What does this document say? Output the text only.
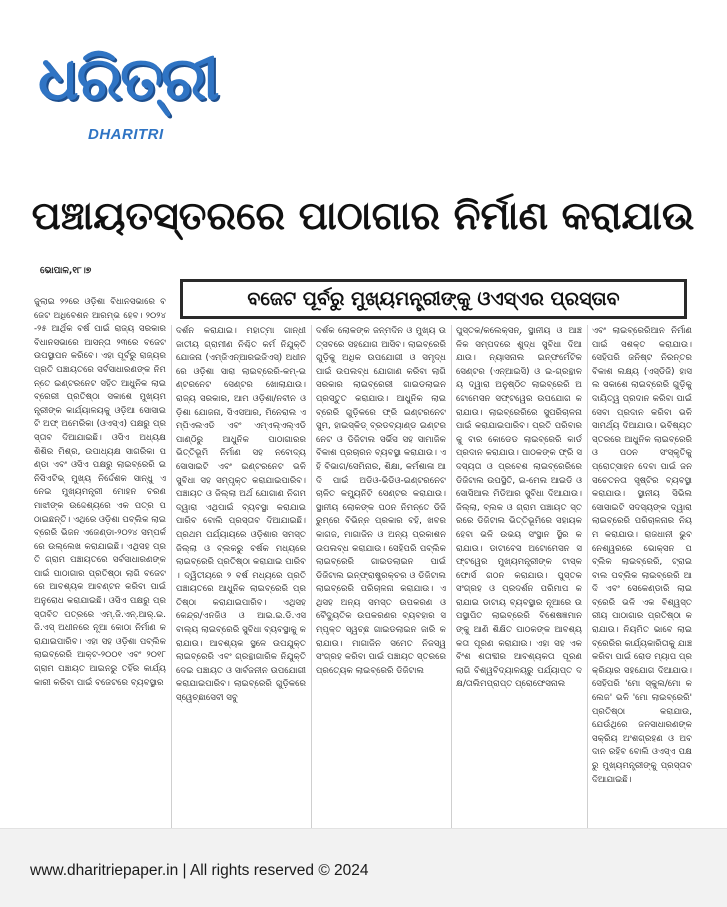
ଧରିତ୍ରୀ
DHARITRI
ପଞ୍ଚାୟତସ୍ତରରେ ପାଠାଗାର ନିର୍ମାଣ କରାଯାଉ
ଭୋପାଳ,୧୮।୭
ବଜେଟ ପୂର୍ବରୁ ମୁଖ୍ୟମନ୍ତ୍ରୀଙ୍କୁ ଓଏସ୍‌ଏର ପ୍ରସ୍ତାବ
ଜୁଲାଇ ୨୨ରେ ଓଡ଼ିଶା ବିଧାନସଭାରେ ବଜେଟ ଅଧିବେଶନ ଆରମ୍ଭ ହେବ। ୨୦୨୪-୨୫ ଆର୍ଥିକ ବର୍ଷ ପାଇଁ ରାଜ୍ୟ ସରକାର ବିଧାନସଭାରେ ଆସନ୍ତା ୨୩ରେ ବଜେଟ ଉପସ୍ଥାପନ କରିବେ। ଏହା ପୂର୍ବରୁ ରାଜ୍ୟର ପ୍ରତି ପଞ୍ଚାୟତରେ ସର୍ବସାଧାରଣଙ୍କ ନିମନ୍ତେ ଇଣ୍ଟରନେଟ ସହିତ ଆଧୁନିକ ଲାଇବ୍ରେରୀ ପ୍ରତିଷ୍ଠା ସକାଶେ ମୁଖ୍ୟମନ୍ତ୍ରୀଙ୍କ କାର୍ଯ୍ୟାଳୟକୁ ଓଡ଼ିଆ ସୋସାଇଟି ଅଫ୍ ଅମେରିକା (ଓଏସ୍‌ଏ) ପକ୍ଷରୁ ପ୍ରସ୍ତାବ ଦିଆଯାଇଛି। ଓସିଏ ଅଧ୍ୟକ୍ଷ ଶିଶିର ମିଶ୍ର, ଉପାଧ୍ୟକ୍ଷ ସାଗରିକା ପଣ୍ଡା ଏବଂ ଓସିଏ ପକ୍ଷରୁ ଲାଇବ୍ରେରି ଇନିସିଏଟିଭ୍ ମୁଖ୍ୟ ନିର୍ଦ୍ଦେଶକ ସାନ୍ଧୁ ଏନେଇ ମୁଖ୍ୟମନ୍ତ୍ରୀ ମୋହନ ଚରଣ ମାଝୀଙ୍କ ଉଦ୍ଦେଶ୍ୟରେ ଏକ ପତ୍ର ପଠାଇଛନ୍ତି। ଏଥିରେ ଓଡ଼ିଶା ପବ୍ଲିକ ଲାଇବ୍ରେରି ଭିଜନ ଏଜେଣ୍ଡା-୨୦୨୪ ସମ୍ପର୍କରେ ଉଲ୍ଲେଖ କରାଯାଇଛି। ଏଥିସହ ପ୍ରତି ଗ୍ରାମ ପଞ୍ଚାୟତରେ ସର୍ବସାଧାରଣଙ୍କ ପାଇଁ ପାଠାଗାର ପ୍ରତିଷ୍ଠା ଲାଗି ବଜେଟରେ ଆବଶ୍ୟକ ଆବଣ୍ଟନ କରିବା ପାଇଁ ଅନୁରୋଧ କରାଯାଇଛି। ଓସିଏ ପକ୍ଷରୁ ପ୍ରସ୍ତାବିତ ପତ୍ରରେ ଏମ୍.ଜି.ଏନ୍.ଆର୍.ଇ.ଜି.ଏସ୍ ଅଧୀନରେ ନୂଆ କୋଠା ନିର୍ମାଣ କରାଯାଇପାରିବ। ଏହା ସହ ଓଡ଼ିଶା ପବ୍ଲିକ ଲାଇବ୍ରେରି ଆକ୍ଟ-୨୦୦୧ ଏବଂ ୨୦୧୮ ଗ୍ରାମ ପଞ୍ଚାୟତ ଆଇନରୁ ତହିଁର କାର୍ଯ୍ୟକାରୀ କରିବା ପାଇଁ ବଜେଟରେ ବ୍ୟବସ୍ଥାର
ଦର୍ଶନ କରାଯାଇ। ମହାତ୍ମା ଗାନ୍ଧୀ ଜାତୀୟ ଗ୍ରାମୀଣ ନିଶ୍ଚିତ କର୍ମ ନିଯୁକ୍ତି ଯୋଜନା (ଏମ୍‌ଜିଏନ୍‌ଆରଇଜିଏସ୍) ଅଧୀନରେ ଓଡ଼ିଶା ସାରା ଲାଇବ୍ରେରି-କମ୍-ଇଣ୍ଟରନେଟ ସେଣ୍ଟର ଖୋଲାଯାଉ। ରାଜ୍ୟ ସରକାର, ଆମ ଓଡ଼ିଶା/ନବୀନ ଓଡ଼ିଶା ଯୋଜନା, ସିଏସଆର, ମିନେରାଲ ଏମ୍‌ପିଏଲଏଡି ଏବଂ ଏମ୍‌ଏଲ୍‌ଏଲ୍‌ଏଡି ପାଣ୍ଠିରୁ ଆଧୁନିକ ପାଠାଗାରର ଭିତ୍ତିଭୂମି ନିର୍ମାଣ ସହ ନବୋଦ୍ୟ ସୋସାଇଟି ଏବଂ ଇଣ୍ଟରନେଟ ଭଳି ସୁବିଧା ସହ ସମ୍ପୃକ୍ତ କରାଯାଇପାରିବ। ପଞ୍ଚାୟତ ଓ ଜିଲ୍ଲା ଅର୍ଥ ଯୋଗାଣ ନିଗମ ଦ୍ୱାରା ଏଥିପାଇଁ ବ୍ୟବସ୍ଥା କରାଯାଇପାରିବ ବୋଲି ପ୍ରସ୍ତାବ ଦିଆଯାଇଛି। ପ୍ରଥମ ପର୍ଯ୍ୟାୟରେ ଓଡ଼ିଶାର ସମସ୍ତ ଜିଲ୍ଲା ଓ ବ୍ଲକରୁ ବର୍ଷକ ମଧ୍ୟରେ ଲାଇବ୍ରେରି ପ୍ରତିଷ୍ଠା କରାଯାଇ ପାରିବ। ଦ୍ୱିତୀୟରେ ୨ ବର୍ଷ ମଧ୍ୟରେ ପ୍ରତି ପଞ୍ଚାୟତରେ ଆଧୁନିକ ଲାଇବ୍ରେରି ପ୍ରତିଷ୍ଠା କରାଯାଇପାରିବ। ଏଥିସହ କେନ୍ଦ୍ର/ଏନଜିଓ ଓ ଆଇ.ଇ.ଡି.ଏସ ବାଲ୍ୟ ଲାଇବ୍ରେରି ସୁବିଧା ବ୍ୟବସ୍ଥାକୁ କରାଯାଉ। ଆବଶ୍ୟକ ସ୍ଥଳେ ଉପଯୁକ୍ତ ଲାଇବ୍ରେରି ଏବଂ ଗ୍ରନ୍ଥାଗାରିକ ନିଯୁକ୍ତି ଦେଇ ପଞ୍ଚାୟତ ଓ ସାର୍ବଜନୀନ ଉପଯୋଗୀ କରାଯାଇପାରିବ। ଲାଇବ୍ରେରି ଗୁଡ଼ିକରେ ସ୍ୱେଚ୍ଛାସେବୀ ସବୁ
ଦର୍ଶକ ଲୋକଙ୍କ ଜନ୍ମଦିନ ଓ ମୁଖ୍ୟ ଉତ୍ସବରେ ସହଯୋଗ ଆସିବ। ଲାଇବ୍ରେରି ଗୁଡ଼ିକୁ ଅଧିକ ଉପଯୋଗୀ ଓ ସମୃଦ୍ଧ ପାଇଁ ଉପଲବ୍ଧ ଯୋଗାଣ କରିବା ଲାଗି ସରକାର ଲାଇବ୍ରେରୀ ଗାଇଡଲାଇନ ପ୍ରସ୍ତୁତ କରାଯାଉ। ଆଧୁନିକ ଲାଇବ୍ରେରି ଗୁଡ଼ିକରେ ଫ୍ରି ଇଣ୍ଟରନେଟ ସୁମ, ହାଇସ୍କିଡ୍ ବ୍ରଡବ୍ୟାଣ୍ଡ ଇଣ୍ଟରନେଟ ଓ ଡିଜିଟାଲ ସର୍ଭିସ ସହ ସାମାଜିକ ବିକାଶ ପ୍ରଚାରନ ବ୍ୟବସ୍ଥା କରାଯାଉ। ଏହି ବିଭାଗ/ସେମିନାର, ଶିକ୍ଷା, କର୍ମଶାଳା ଆଦି ପାଇଁ ଅଡିଓ-ଭିଡିଓ-ଇଣ୍ଟରନେଟ ଚାଳିତ କମ୍ୟୁନିଟି ସେଣ୍ଟର କରାଯାଉ। ସ୍ଥାନୀୟ ଲୋକଙ୍କ ପଠନ ନିମନ୍ତେ ଡିଜି ରୁମ୍‌ରେ ବିଭିନ୍ନ ପ୍ରକାର ବହି, ଖବରକାଗଜ, ମାଗାଜିନ ଓ ଅନ୍ୟ ପ୍ରକାଶନ ଉପଲବ୍ଧ କରାଯାଉ। ସେହିପରି ପବ୍ଲିକ ଲାଇବ୍ରେରି ଗାଇଡଲାଇନ ପାଇଁ ଡିଜିଟାଲ ଇନ୍‌ଫ୍ରାଷ୍ଟ୍ରକ୍ଚର ଓ ଡିଜିଟାଲ ଲାଇବ୍ରେରି ପରିଚାଳନା କରାଯାଉ। ଏଥିସହ ଅନ୍ୟ ସମସ୍ତ ଉପକରଣ ଓ ବୈଦ୍ୟୁତିକ ଉପକରଣର ବ୍ୟବହାର ସମ୍ପୃକ୍ତ ସ୍ୱଚ୍ଛ ଗାଇଡଲାଇନ ଜାରି କରାଯାଉ। ମାଗାଜିନ ସମେତ ନିଜସ୍ୱ ସଂଗ୍ରହ କରିବା ପାଇଁ ପଞ୍ଚାୟତ ସ୍ତରରେ ପ୍ରତ୍ୟେକ ଲାଇବ୍ରେରି ଡିଜିଟାଲ
ପୁସ୍ତକ/କଲେକ୍ସନ୍, ସ୍ଥାନୀୟ ଓ ଆଞ୍ଚଳିକ ସମ୍ପଦରେ ଶୁଦ୍ଧ ସୁବିଧା ଦିଆଯାଉ। ନ୍ୟାସନାଲ ଇନ୍‌ଫର୍ମେଟିକ ସେଣ୍ଟର (ଏନ୍‌ଆଇସି) ଓ ଇ-ଗ୍ରନ୍ଥାଳୟ ଦ୍ୱାରା ଅନୁଷ୍ଠିତ ଲାଇବ୍ରେରି ଅଟୋମେସନ ସଫ୍ଟୱେର ଉପଯୋଗ କରାଯାଉ। ଲାଇବ୍ରେରିରେ ସୁପରିଚାଳନା ପାଇଁ କରାଯାଇପାରିବ। ପ୍ରତି ପରିବାରକୁ ବାର କୋଡେଡ ଲାଇବ୍ରେରି କାର୍ଡ ପ୍ରଦାନ କରାଯାଉ। ପାଠକଙ୍କ ଫ୍ରି ସଦସ୍ୟତା ଓ ପ୍ରବେଶ ଲାଇବ୍ରେରିରେ ଡିଜିଟାଲ ଉପସ୍ଥିତି, ଇ-ମେଲ ଆଇଡି ଓ ସୋସିଆଲ ମିଡିଆର ସୁବିଧା ଦିଆଯାଉ। ଜିଲ୍ଲା, ବ୍ଲକ ଓ ଗ୍ରାମ ପଞ୍ଚାୟତ ସ୍ତରରେ ଡିଜିଟାଲ ଭିତ୍ତିଭୂମିରେ ସହାୟକ ହେବା ଭଳି ଉଭୟ ସଂସ୍ଥାନ ସ୍ଥିର କରାଯାଉ। ଡାଟାବେସ ଅଟୋମେସନ ସଫ୍ଟୱେର ମୁଖ୍ୟମନ୍ତ୍ରୀଙ୍କ ଟାସ୍କଫୋର୍ସ ଗଠନ କରାଯାଉ। ପୁସ୍ତକ ସଂଗ୍ରହ ଓ ପ୍ରଦର୍ଶନ ପରିମାପ କରାଯାଇ ଡାଟାୟ ବ୍ୟବସ୍ଥାର ନୂଆରେ ଉପସ୍ଥାପିତ ଲାଇବ୍ରେରି ବିଶେଷଜ୍ଞମାନଙ୍କୁ ଆଣି ଶିକ୍ଷିତ ପାଠକଙ୍କ ଆବଶ୍ୟକତା ପୂରଣ କରାଯାଉ। ଏହା ସହ ଏକବିଂଶ ଶତାବ୍ଦୀର ଆବଶ୍ୟକତା ପୂରଣ ଲାଗି ବିଶ୍ୱବିଦ୍ୟାଳୟରୁ ପର୍ଯ୍ୟାପ୍ତ ଦକ୍ଷ/ତାଲିମପ୍ରାପ୍ତ ପ୍ରୋଫେସନାଲ
ଏବଂ ଲାଇବ୍ରେରିଆନ ନିର୍ମାଣ ପାଇଁ ସଶକ୍ତ କରାଯାଉ। ସେହିପରି ଜନିଷ୍ଟ ନିରନ୍ତର ବିକାଶ ଲକ୍ଷ୍ୟ (ଏସ୍‌ଡିଜି) ହାସଲ ସକାଶେ ଲାଇବ୍ରେରି ଗୁଡ଼ିକୁ ଦାୟିତ୍ୱ ପ୍ରଦାନ କରିବା ପାଇଁ ସେବା ପ୍ରଦାନ କରିବା ଭଳି ସାମର୍ଥ୍ୟ ଦିଆଯାଉ। ଭବିଷ୍ୟତ ସ୍ତରରେ ଆଧୁନିକ ଲାଇବ୍ରେରି ଓ ପଠନ ସଂସ୍କୃତିକୁ ପ୍ରୋତ୍ସାହନ ଦେବା ପାଇଁ ଜନ ସଚେତନତା ସୃଷ୍ଟିର ବ୍ୟବସ୍ଥା କରାଯାଉ। ସ୍ଥାନୀୟ ସିଭିଲ ସୋସାଇଟି ସଦସ୍ୟଙ୍କ ଦ୍ୱାରା ଲାଇବ୍ରେରି ପରିଚାଳନାର ନିୟମ କରାଯାଉ। ରାଜଧାନୀ ଭୁବନେଶ୍ୱରରେ ଭୋକ୍ସନ ପବ୍ଲିକ ଲାଇବ୍ରେରି, ଟ୍ରାଇବାଲ ପବ୍ଲିକ ଲାଇବ୍ରେରି ଆଦି ଏବଂ ସେକେଣ୍ଡାରି ଲାଇବ୍ରେରି ଭଳି ଏକ ବିଶ୍ୱସ୍ତରୀୟ ପାଠାଗାର ପ୍ରତିଷ୍ଠା କରାଯାଉ। ନିୟମିତ ଭାବେ ଲାଇବ୍ରେରିର କାର୍ଯ୍ୟକାରିତାକୁ ଯାଞ୍ଚ କରିବା ପାଇଁ ରୋଡ ମ୍ୟାପ ପ୍ରକ୍ରିୟାର ସହଯୋଗ ଦିଆଯାଉ। ସେହିପରି 'ମୋ ସ୍କୁଲ/ମୋ କଲେଜ' ଭଳି 'ମୋ ଲାଇବ୍ରେରି' ପ୍ରତିଷ୍ଠା କରାଯାଉ, ଯେଉଁଥିରେ ଜନସାଧାରଣଙ୍କ ସକ୍ରିୟ ଅଂଶଗ୍ରହଣ ଓ ଅବଦାନ ରହିବ ବୋଲି ଓଏସ୍‌ଏ ପକ୍ଷରୁ ମୁଖ୍ୟମନ୍ତ୍ରୀଙ୍କୁ ପ୍ରସ୍ତାବ ଦିଆଯାଇଛି।
www.dharitriepaper.in | All rights reserved © 2024
